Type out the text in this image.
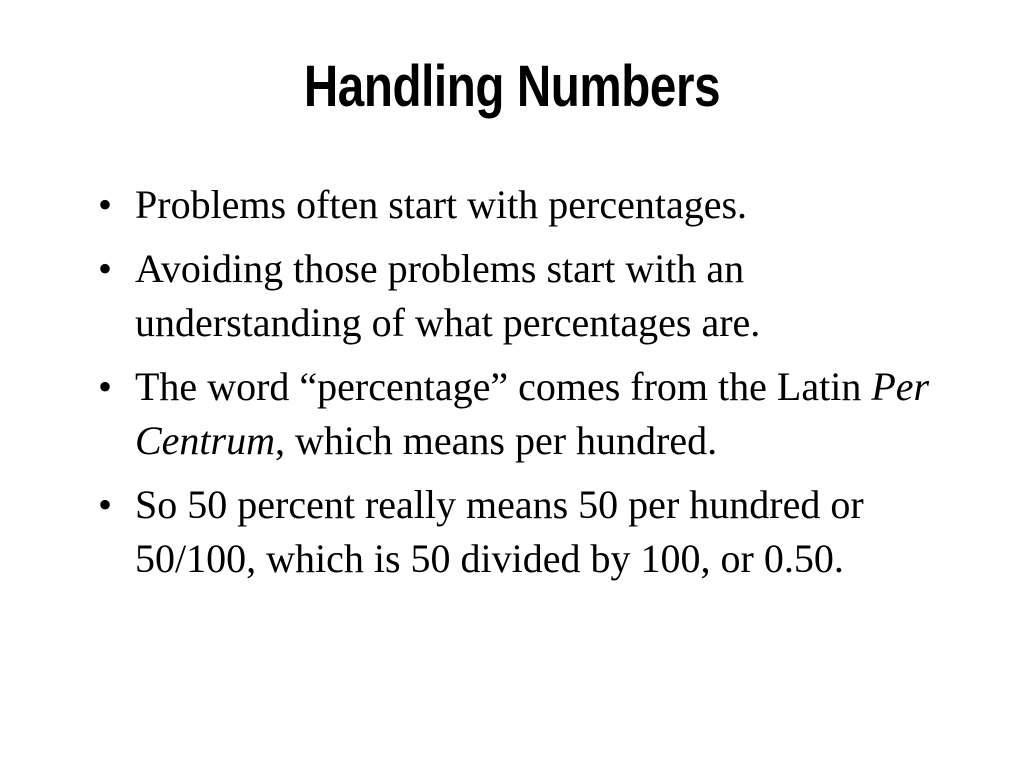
Handling Numbers
• Problems often start with percentages.
• Avoiding those problems start with an understanding of what percentages are.
• The word “percentage” comes from the Latin Per Centrum, which means per hundred.
• So 50 percent really means 50 per hundred or 50/100, which is 50 divided by 100, or 0.50.
